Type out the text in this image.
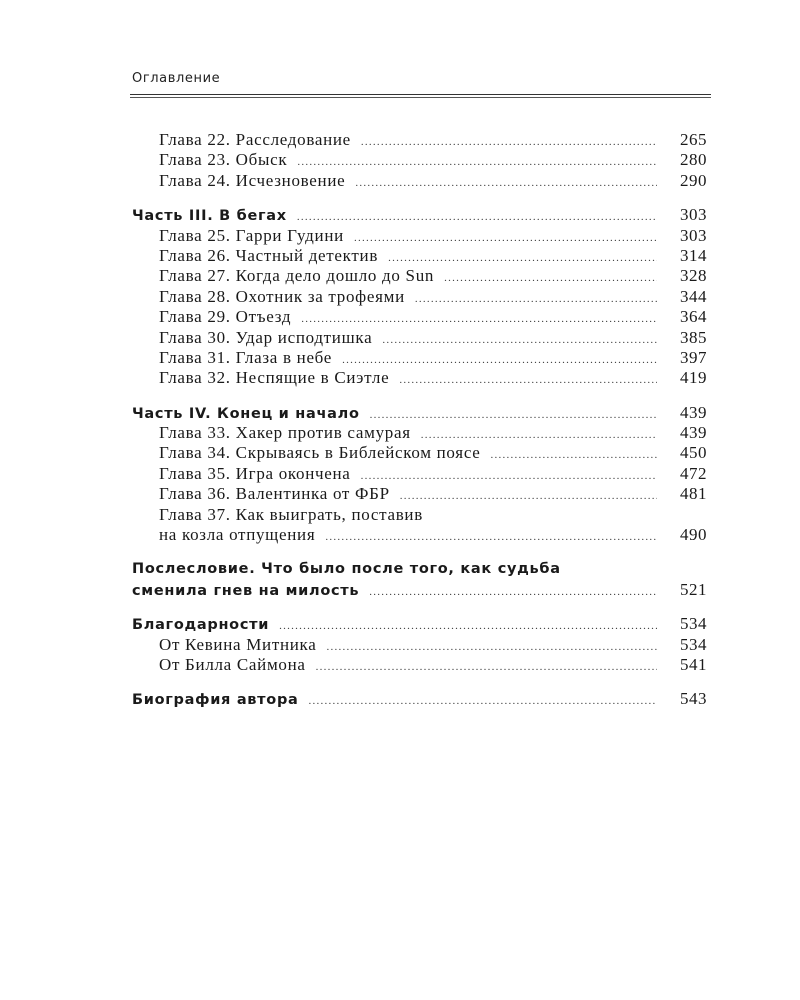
Оглавление
Глава 22. Расследование . . .	265
Глава 23. Обыск . . .	280
Глава 24. Исчезновение . . .	290
Часть III. В бегах . . .	303
Глава 25. Гарри Гудини . . .	303
Глава 26. Частный детектив . . .	314
Глава 27. Когда дело дошло до Sun . . .	328
Глава 28. Охотник за трофеями . . .	344
Глава 29. Отъезд . . .	364
Глава 30. Удар исподтишка . . .	385
Глава 31. Глаза в небе . . .	397
Глава 32. Неспящие в Сиэтле . . .	419
Часть IV. Конец и начало . . .	439
Глава 33. Хакер против самурая . . .	439
Глава 34. Скрываясь в Библейском поясе . . .	450
Глава 35. Игра окончена . . .	472
Глава 36. Валентинка от ФБР . . .	481
Глава 37. Как выиграть, поставив
на козла отпущения . . .	490
Послесловие. Что было после того, как судьба
сменила гнев на милость . . .	521
Благодарности . . .	534
От Кевина Митника . . .	534
От Билла Саймона . . .	541
Биография автора . . .	543
